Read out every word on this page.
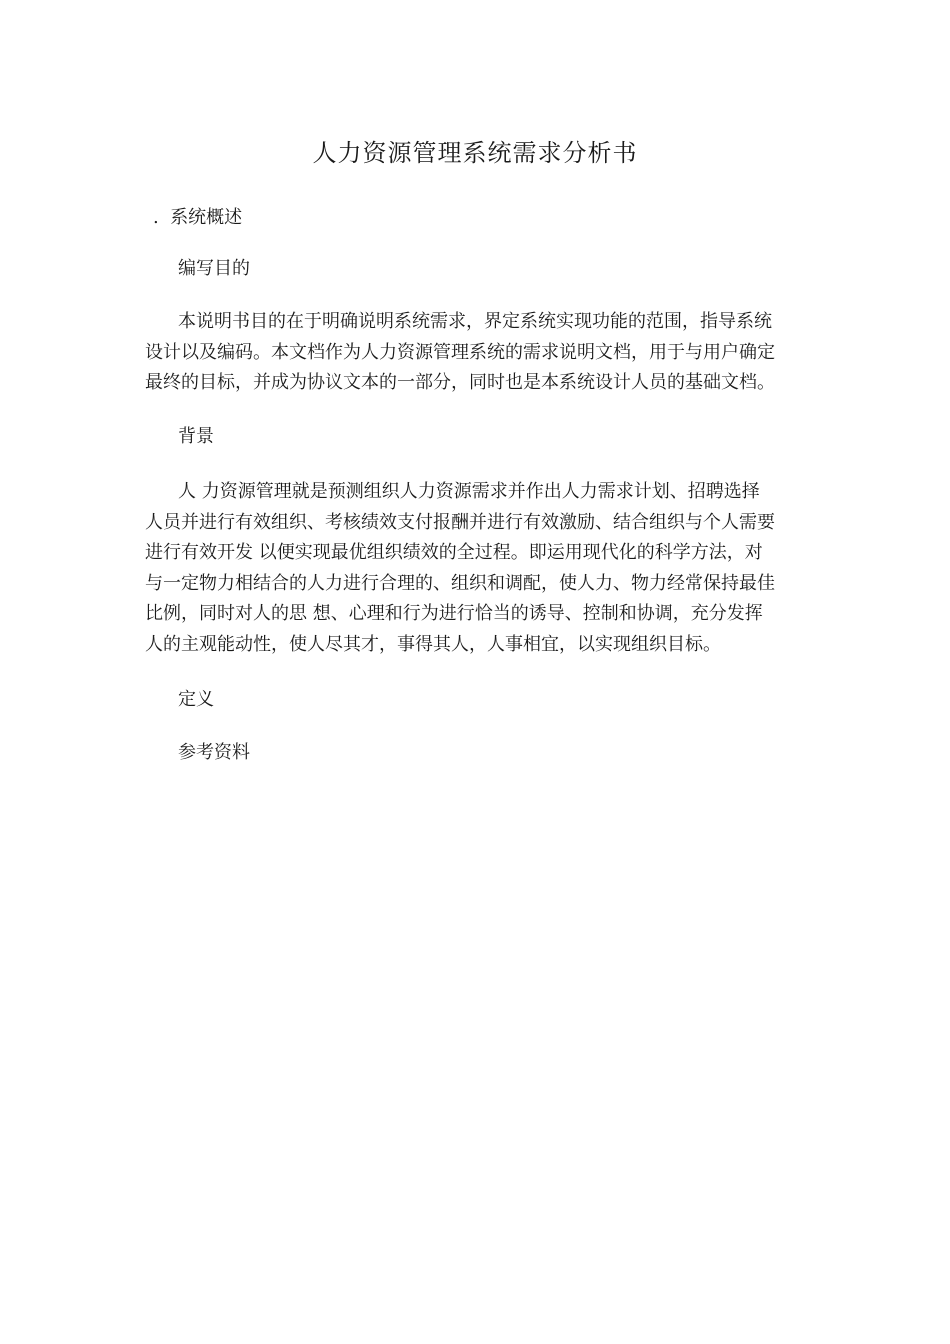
人力资源管理系统需求分析书
. 系统概述
编写目的
本说明书目的在于明确说明系统需求，界定系统实现功能的范围，指导系统
设计以及编码。本文档作为人力资源管理系统的需求说明文档，用于与用户确定
最终的目标，并成为协议文本的一部分，同时也是本系统设计人员的基础文档。
背景
人 力资源管理就是预测组织人力资源需求并作出人力需求计划、招聘选择
人员并进行有效组织、考核绩效支付报酬并进行有效激励、结合组织与个人需要
进行有效开发 以便实现最优组织绩效的全过程。即运用现代化的科学方法，对
与一定物力相结合的人力进行合理的、组织和调配，使人力、物力经常保持最佳
比例，同时对人的思 想、心理和行为进行恰当的诱导、控制和协调，充分发挥
人的主观能动性，使人尽其才，事得其人，人事相宜，以实现组织目标。
定义
参考资料
